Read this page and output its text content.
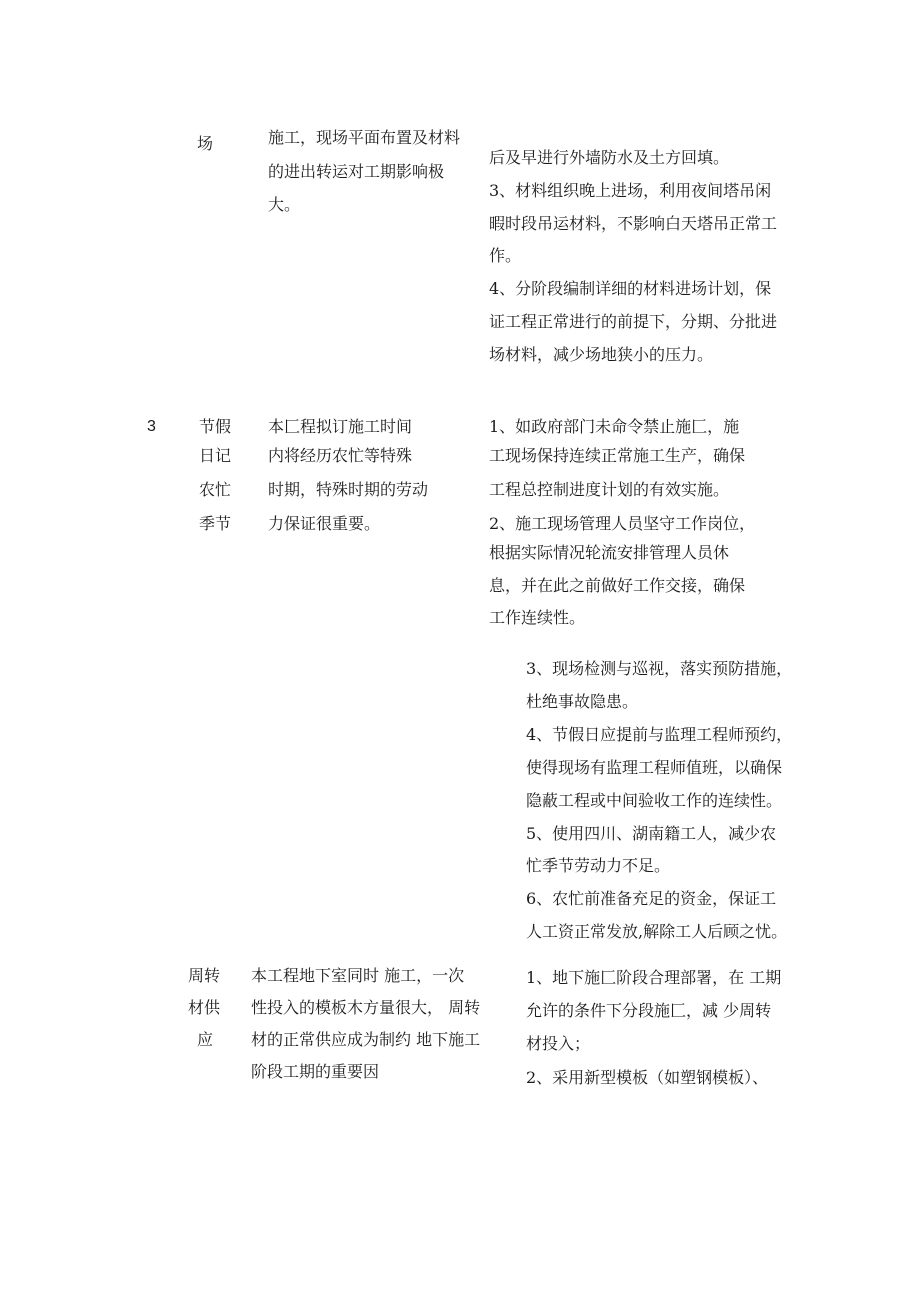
场	施工，现场平面布置及材料
的进出转运对工期影响极
大。
后及早进行外墙防水及土方回填。
3、材料组织晚上进场，利用夜间塔吊闲
暇时段吊运材料，不影响白天塔吊正常工
作。
4、分阶段编制详细的材料进场计划，保
证工程正常进行的前提下，分期、分批进
场材料，减少场地狭小的压力。
3	节假
日记
农忙
季节
本匚程拟订施工时间
内将经历农忙等特殊
时期，特殊时期的劳动
力保证很重要。
1、如政府部门未命令禁止施匚，施
工现场保持连续正常施工生产，确保
工程总控制进度计划的有效实施。
2、施工现场管理人员坚守工作岗位，
根据实际情况轮流安排管理人员休
息，并在此之前做好工作交接，确保
工作连续性。
3、现场检测与巡视，落实预防措施，
杜绝事故隐患。
4、节假日应提前与监理工程师预约，
使得现场有监理工程师值班，以确保
隐蔽工程或中间验收工作的连续性。
5、使用四川、湖南籍工人，减少农
忙季节劳动力不足。
6、农忙前准备充足的资金，保证工
人工资正常发放,解除工人后顾之忧。
周转
材供
应
本工程地下室同时 施工，一次
性投入的模板木方量很大， 周转
材的正常供应成为制约 地下施工
阶段工期的重要因
1、地下施匚阶段合理部署，在 工期
允许的条件下分段施匚，减 少周转
材投入；
2、采用新型模板（如塑钢模板）、
